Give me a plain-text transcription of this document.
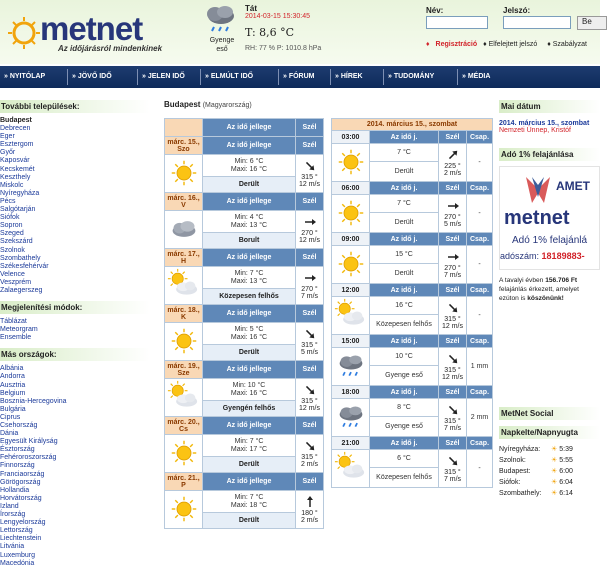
metnet
Az időjárásról mindenkinek
Gyenge
eső
Tát
2014-03-15 15:30:45
T: 8,6 °C
RH: 77 % P: 1010.8 hPa
Név:	Jelszó:
Be
♦ Regisztráció ♦ Elfelejtett jelszó ♦ Szabályzat
» NYITÓLAP	» JÖVŐ IDŐ	» JELEN IDŐ	» ELMÚLT IDŐ	» FÓRUM	» HÍREK	» TUDOMÁNY	» MÉDIA
További települések:
Budapest
Debrecen
Eger
Esztergom
Győr
Kaposvár
Kecskemét
Keszthely
Miskolc
Nyíregyháza
Pécs
Salgótarján
Siófok
Sopron
Szeged
Szekszárd
Szolnok
Szombathely
Székesfehérvár
Velence
Veszprém
Zalaegerszeg
Megjelenítési módok:
Táblázat
Meteorgram
Ensemble
Más országok:
Albánia
Andorra
Ausztria
Belgium
Bosznia-Hercegovina
Bulgária
Ciprus
Csehország
Dánia
Egyesült Királyság
Észtország
Fehéroroszország
Finnország
Franciaország
Görögország
Hollandia
Horvátország
Izland
Írország
Lengyelország
Lettország
Liechtenstein
Litvánia
Luxemburg
Macedónia
Budapest (Magyarország)
	Az idő jellege	Szél
márc. 15., Szo	Az idő jellege	Szél
	Min: 6 °C
Maxi: 16 °C	315 °
12 m/s
	Derült	
márc. 16., V	Az idő jellege	Szél
	Min: 4 °C
Maxi: 13 °C	270 °
12 m/s
	Borult	
márc. 17., H	Az idő jellege	Szél
	Min: 7 °C
Maxi: 13 °C	270 °
7 m/s
	Közepesen felhős	
márc. 18., K	Az idő jellege	Szél
	Min: 5 °C
Maxi: 16 °C	315 °
5 m/s
	Derült	
márc. 19., Sze	Az idő jellege	Szél
	Min: 10 °C
Maxi: 16 °C	315 °
12 m/s
	Gyengén felhős	
márc. 20., Cs	Az idő jellege	Szél
	Min: 7 °C
Maxi: 17 °C	315 °
2 m/s
	Derült	
márc. 21., P	Az idő jellege	Szél
	Min: 7 °C
Maxi: 18 °C	180 °
2 m/s
	Derült	
2014. március 15., szombat			
03:00	Az idő j.	Szél	Csap.
	7 °C	225 °
2 m/s	-
	Derült		
06:00	Az idő j.	Szél	Csap.
	7 °C	270 °
5 m/s	-
	Derült		
09:00	Az idő j.	Szél	Csap.
	15 °C	270 °
7 m/s	-
	Derült		
12:00	Az idő j.	Szél	Csap.
	16 °C	315 °
12 m/s	-
	Közepesen felhős		
15:00	Az idő j.	Szél	Csap.
	10 °C	315 °
12 m/s	1 mm
	Gyenge eső		
18:00	Az idő j.	Szél	Csap.
	8 °C	315 °
7 m/s	2 mm
	Gyenge eső		
21:00	Az idő j.	Szél	Csap.
	6 °C	315 °
7 m/s	-
	Közepesen felhős		
Mai dátum
2014. március 15., szombat
Nemzeti Ünnep, Kristóf
Adó 1% felajánlása
AMET
metnet
Adó 1% felajánlá
adószám: 18189883-
A tavalyi évben 156.706 Ft
felajánlás érkezett, amelyet
ezúton is köszönünk!
MetNet Social
Napkelte/Napnyugta
Nyíregyháza: ☀ 5:39
Szolnok:	☀ 5:55
Budapest:	☀ 6:00
Siófok:	☀ 6:04
Szombathely: ☀ 6:14
